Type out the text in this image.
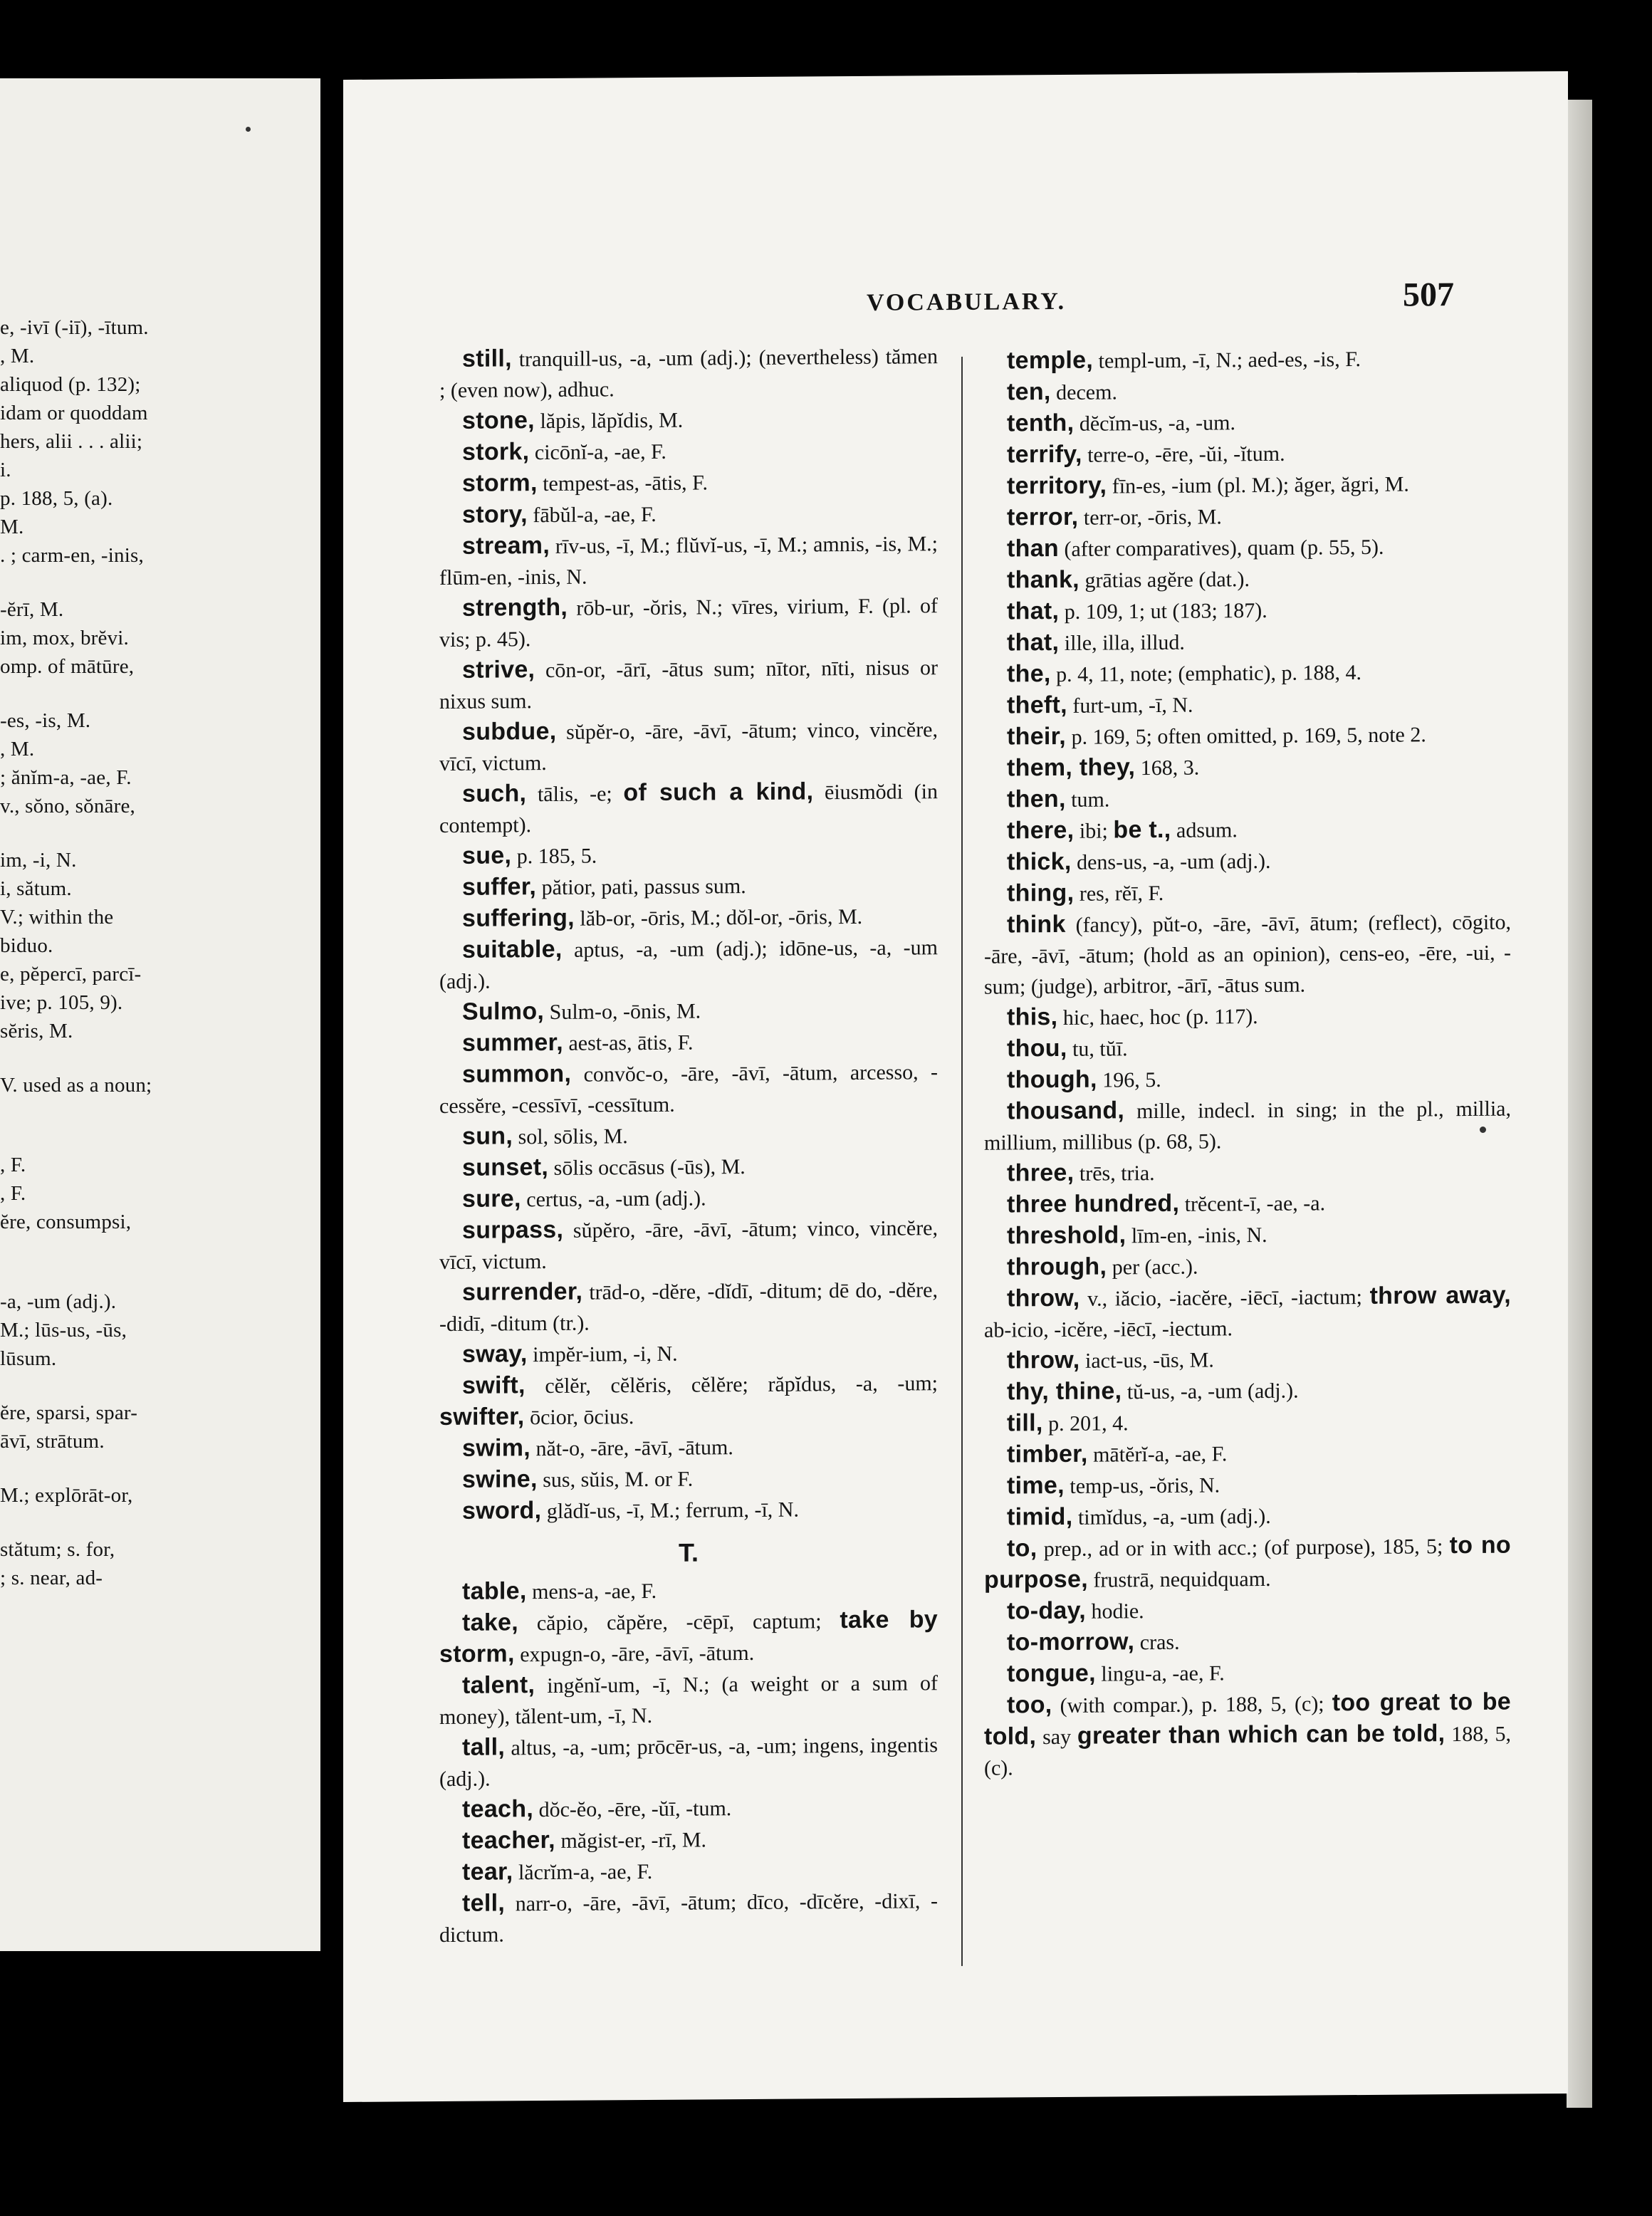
e, -ivī (-iī), -ītum.
, M.
aliquod (p. 132);
idam or quoddam
hers, alii . . . alii;
i.
p. 188, 5, (a).
M.
. ; carm-en, -inis,
-ĕrī, M.
im, mox, brĕvi.
omp. of mātūre,
-es, -is, M.
, M.
; ănĭm-a, -ae, F.
v., sŏno, sŏnāre,
im, -i, N.
i, sătum.
V.; within the
biduo.
e, pĕpercī, parcī-
ive; p. 105, 9).
sĕris, M.
V. used as a noun;
, F.
, F.
ĕre, consumpsi,
-a, -um (adj.).
M.; lūs-us, -ūs,
lūsum.
ĕre, sparsi, spar-
āvī, strātum.
M.; explōrāt-or,
stătum; s. for,
; s. near, ad-
VOCABULARY.	507

still, tranquill-us, -a, -um (adj.); (nevertheless) tămen ; (even now), adhuc.

stone, lăpis, lăpĭdis, M.

stork, cicōnĭ-a, -ae, F.

storm, tempest-as, -ātis, F.

story, fābŭl-a, -ae, F.

stream, rīv-us, -ī, M.; flŭvĭ-us, -ī, M.; amnis, -is, M.; flūm-en, -inis, N.

strength, rōb-ur, -ŏris, N.; vīres, virium, F. (pl. of vis; p. 45).

strive, cōn-or, -ārī, -ātus sum; nītor, nīti, nisus or nixus sum.

subdue, sŭpĕr-o, -āre, -āvī, -ātum; vinco, vincĕre, vīcī, victum.

such, tālis, -e; of such a kind, ēiusmŏdi (in contempt).

sue, p. 185, 5.

suffer, pătior, pati, passus sum.

suffering, lăb-or, -ōris, M.; dŏl-or, -ōris, M.

suitable, aptus, -a, -um (adj.); idōne-us, -a, -um (adj.).

Sulmo, Sulm-o, -ōnis, M.

summer, aest-as, ātis, F.

summon, convŏc-o, -āre, -āvī, -ātum, arcesso, -cessĕre, -cessīvī, -cessītum.

sun, sol, sōlis, M.

sunset, sōlis occāsus (-ūs), M.

sure, certus, -a, -um (adj.).

surpass, sŭpĕro, -āre, -āvī, -ātum; vinco, vincĕre, vīcī, victum.

surrender, trād-o, -dĕre, -dĭdī, -ditum; dē do, -dĕre, -didī, -ditum (tr.).

sway, impĕr-ium, -i, N.

swift, cĕlĕr, cĕlĕris, cĕlĕre; răpĭdus, -a, -um; swifter, ōcior, ōcius.

swim, năt-o, -āre, -āvī, -ātum.

swine, sus, sŭis, M. or F.

sword, glădĭ-us, -ī, M.; ferrum, -ī, N.

T.

table, mens-a, -ae, F.

take, căpio, căpĕre, -cēpī, captum; take by storm, expugn-o, -āre, -āvī, -ātum.

talent, ingĕnĭ-um, -ī, N.; (a weight or a sum of money), tălent-um, -ī, N.

tall, altus, -a, -um; prōcēr-us, -a, -um; ingens, ingentis (adj.).

teach, dŏc-ĕo, -ēre, -ŭī, -tum.

teacher, măgist-er, -rī, M.

tear, lăcrĭm-a, -ae, F.

tell, narr-o, -āre, -āvī, -ātum; dīco, -dīcĕre, -dixī, -dictum.

temple, templ-um, -ī, N.; aed-es, -is, F.

ten, decem.

tenth, dĕcĭm-us, -a, -um.

terrify, terre-o, -ēre, -ŭi, -ĭtum.

territory, fīn-es, -ium (pl. M.); ăger, ăgri, M.

terror, terr-or, -ōris, M.

than (after comparatives), quam (p. 55, 5).

thank, grātias agĕre (dat.).

that, p. 109, 1; ut (183; 187).

that, ille, illa, illud.

the, p. 4, 11, note; (emphatic), p. 188, 4.

theft, furt-um, -ī, N.

their, p. 169, 5; often omitted, p. 169, 5, note 2.

them, they, 168, 3.

then, tum.

there, ibi; be t., adsum.

thick, dens-us, -a, -um (adj.).

thing, res, rĕī, F.

think (fancy), pŭt-o, -āre, -āvī, ātum; (reflect), cōgito, -āre, -āvī, -ātum; (hold as an opinion), cens-eo, -ēre, -ui, -sum; (judge), arbitror, -ārī, -ātus sum.

this, hic, haec, hoc (p. 117).

thou, tu, tŭī.

though, 196, 5.

thousand, mille, indecl. in sing; in the pl., millia, millium, millibus (p. 68, 5).

three, trēs, tria.

three hundred, trĕcent-ī, -ae, -a.

threshold, līm-en, -inis, N.

through, per (acc.).

throw, v., iăcio, -iacĕre, -iēcī, -iactum; throw away, ab-icio, -icĕre, -iēcī, -iectum.

throw, iact-us, -ūs, M.

thy, thine, tŭ-us, -a, -um (adj.).

till, p. 201, 4.

timber, mātĕrĭ-a, -ae, F.

time, temp-us, -ŏris, N.

timid, timĭdus, -a, -um (adj.).

to, prep., ad or in with acc.; (of purpose), 185, 5; to no purpose, frustrā, nequidquam.

to-day, hodie.

to-morrow, cras.

tongue, lingu-a, -ae, F.

too, (with compar.), p. 188, 5, (c); too great to be told, say greater than which can be told, 188, 5, (c).
